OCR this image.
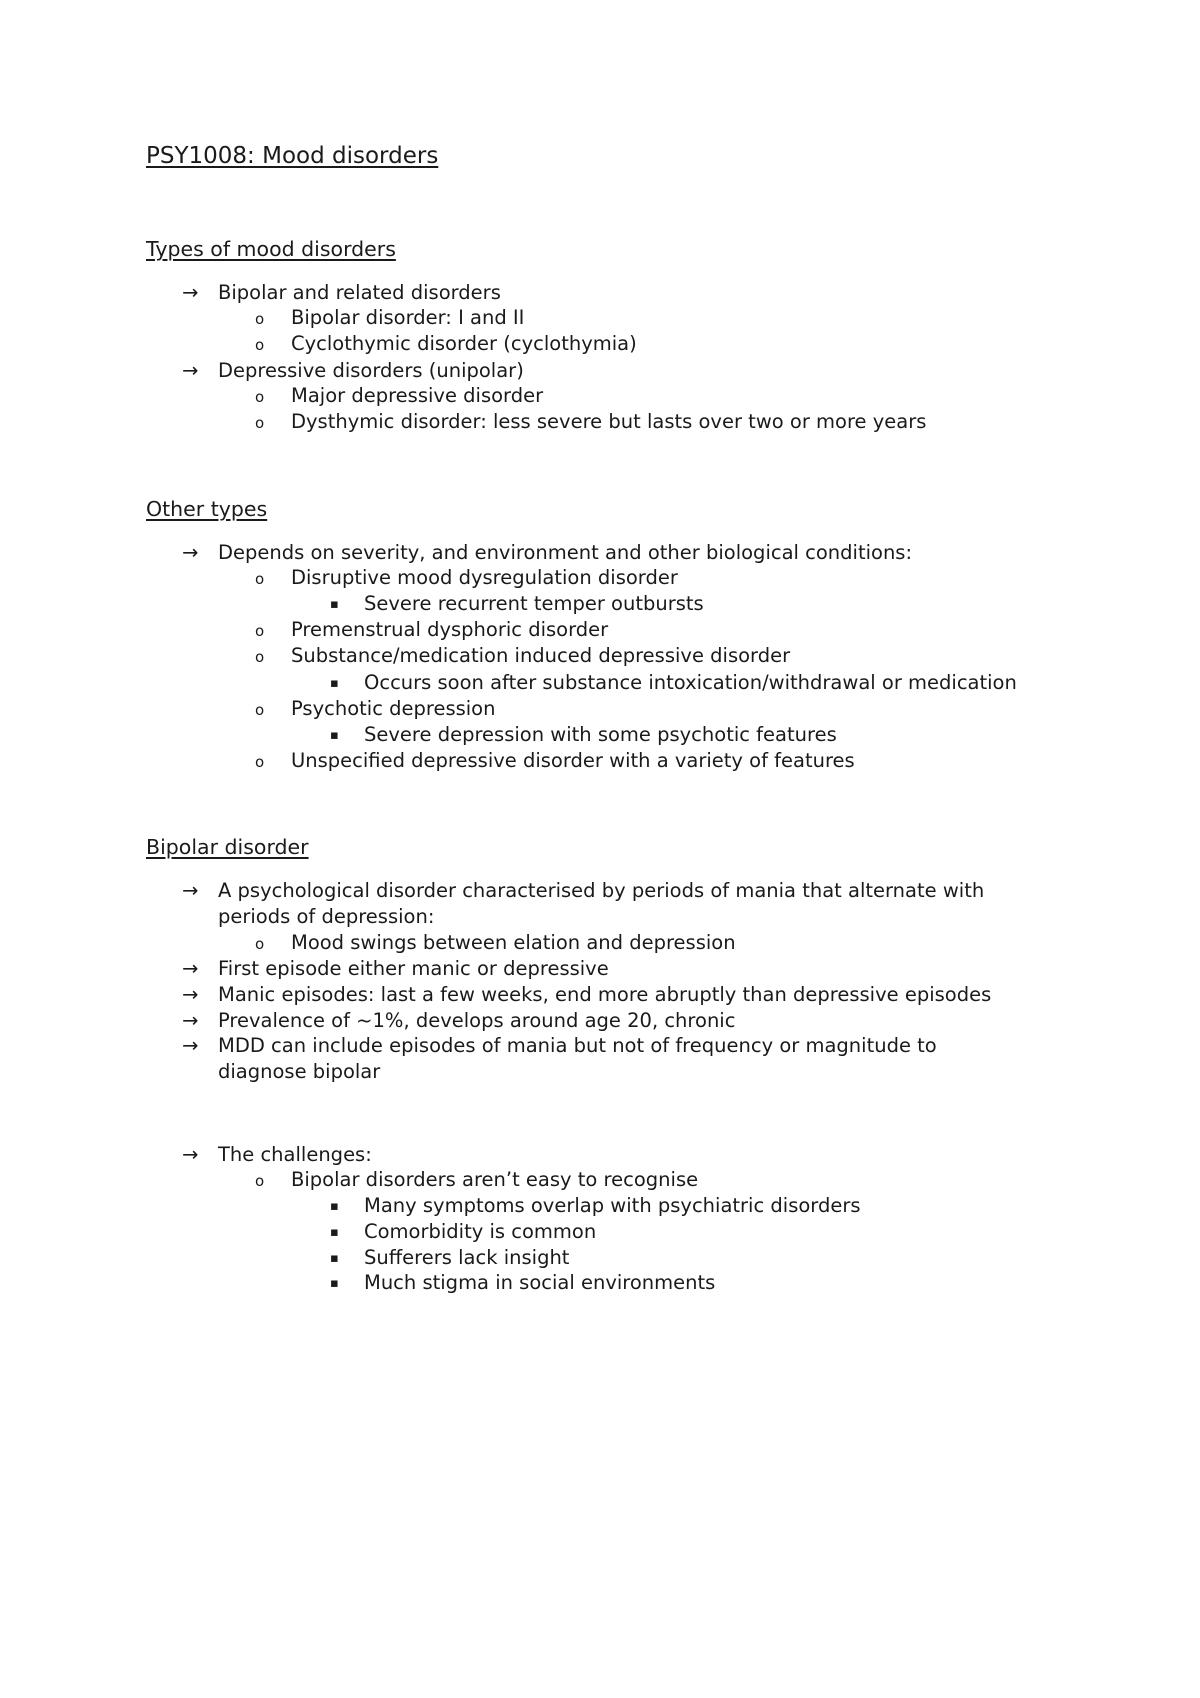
PSY1008: Mood disorders
Types of mood disorders
→ Bipolar and related disorders
o Bipolar disorder: I and II
o Cyclothymic disorder (cyclothymia)
→ Depressive disorders (unipolar)
o Major depressive disorder
o Dysthymic disorder: less severe but lasts over two or more years
Other types
→ Depends on severity, and environment and other biological conditions:
o Disruptive mood dysregulation disorder
▪ Severe recurrent temper outbursts
o Premenstrual dysphoric disorder
o Substance/medication induced depressive disorder
▪ Occurs soon after substance intoxication/withdrawal or medication
o Psychotic depression
▪ Severe depression with some psychotic features
o Unspecified depressive disorder with a variety of features
Bipolar disorder
→ A psychological disorder characterised by periods of mania that alternate with
periods of depression:
o Mood swings between elation and depression
→ First episode either manic or depressive
→ Manic episodes: last a few weeks, end more abruptly than depressive episodes
→ Prevalence of ~1%, develops around age 20, chronic
→ MDD can include episodes of mania but not of frequency or magnitude to
diagnose bipolar
→ The challenges:
o Bipolar disorders aren’t easy to recognise
▪ Many symptoms overlap with psychiatric disorders
▪ Comorbidity is common
▪ Sufferers lack insight
▪ Much stigma in social environments
